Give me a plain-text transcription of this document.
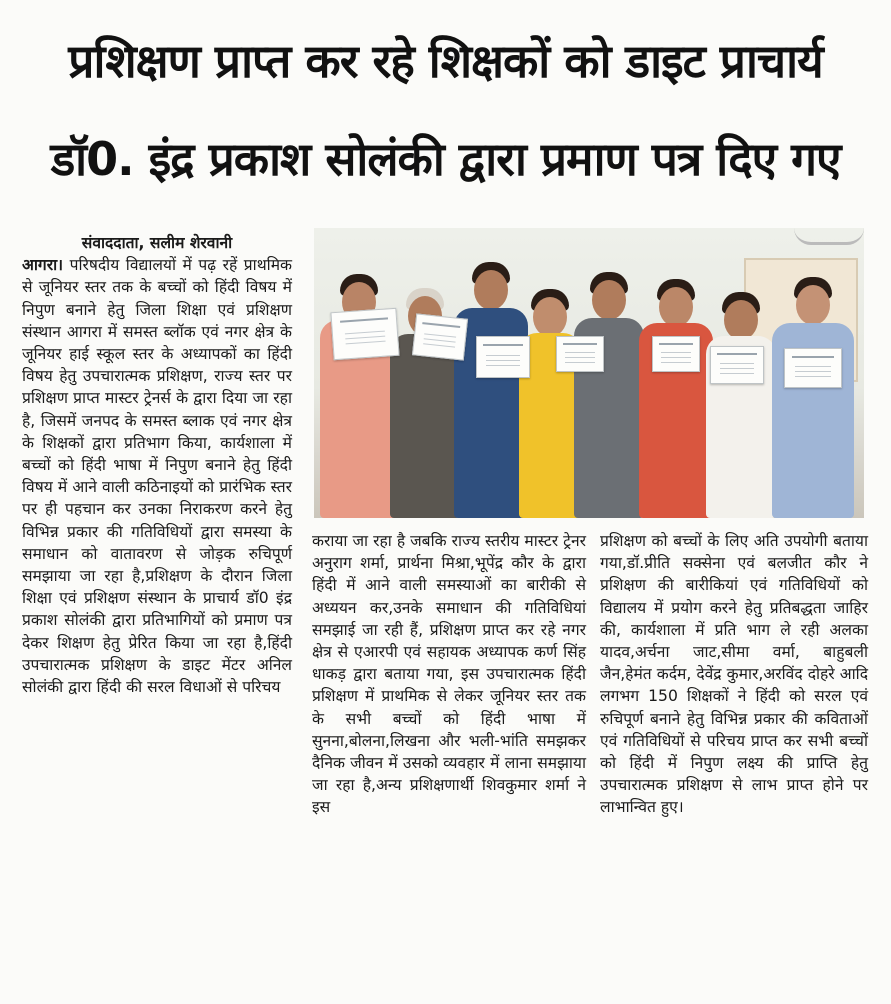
प्रशिक्षण प्राप्त कर रहे शिक्षकों को डाइट प्राचार्य
डॉ0. इंद्र प्रकाश सोलंकी द्वारा प्रमाण पत्र दिए गए
संवाददाता, सलीम शेरवानी

आगरा। परिषदीय विद्यालयों में पढ़ रहें प्राथमिक से जूनियर स्तर तक के बच्चों को हिंदी विषय में निपुण बनाने हेतु जिला शिक्षा एवं प्रशिक्षण संस्थान आगरा में समस्त ब्लॉक एवं नगर क्षेत्र के जूनियर हाई स्कूल स्तर के अध्यापकों का हिंदी विषय हेतु उपचारात्मक प्रशिक्षण, राज्य स्तर पर प्रशिक्षण प्राप्त मास्टर ट्रेनर्स के द्वारा दिया जा रहा है, जिसमें जनपद के समस्त ब्लाक एवं नगर क्षेत्र के शिक्षकों द्वारा प्रतिभाग किया, कार्यशाला में बच्चों को हिंदी भाषा में निपुण बनाने हेतु हिंदी विषय में आने वाली कठिनाइयों को प्रारंभिक स्तर पर ही पहचान कर उनका निराकरण करने हेतु विभिन्न प्रकार की गतिविधियों द्वारा समस्या के समाधान को वातावरण से जोड़क रुचिपूर्ण समझाया जा रहा है,प्रशिक्षण के दौरान जिला शिक्षा एवं प्रशिक्षण संस्थान के प्राचार्य डॉ0 इंद्र प्रकाश सोलंकी द्वारा प्रतिभागियों को प्रमाण पत्र देकर शिक्षण हेतु प्रेरित किया जा रहा है,हिंदी उपचारात्मक प्रशिक्षण के डाइट मेंटर अनिल सोलंकी द्वारा हिंदी की सरल विधाओं से परिचय

कराया जा रहा है जबकि राज्य स्तरीय मास्टर ट्रेनर अनुराग शर्मा, प्रार्थना मिश्रा,भूपेंद्र कौर के द्वारा हिंदी में आने वाली समस्याओं का बारीकी से अध्ययन कर,उनके समाधान की गतिविधियां समझाई जा रही हैं, प्रशिक्षण प्राप्त कर रहे नगर क्षेत्र से एआरपी एवं सहायक अध्यापक कर्ण सिंह धाकड़ द्वारा बताया गया, इस उपचारात्मक हिंदी प्रशिक्षण में प्राथमिक से लेकर जूनियर स्तर तक के सभी बच्चों को हिंदी भाषा में सुनना,बोलना,लिखना और भली-भांति समझकर दैनिक जीवन में उसको व्यवहार में लाना समझाया जा रहा है,अन्य प्रशिक्षणार्थी शिवकुमार शर्मा ने इस

प्रशिक्षण को बच्चों के लिए अति उपयोगी बताया गया,डॉ.प्रीति सक्सेना एवं बलजीत कौर ने प्रशिक्षण की बारीकियां एवं गतिविधियों को विद्यालय में प्रयोग करने हेतु प्रतिबद्धता जाहिर की, कार्यशाला में प्रति भाग ले रही अलका यादव,अर्चना जाट,सीमा वर्मा, बाहुबली जैन,हेमंत कर्दम, देवेंद्र कुमार,अरविंद दोहरे आदि लगभग 150 शिक्षकों ने हिंदी को सरल एवं रुचिपूर्ण बनाने हेतु विभिन्न प्रकार की कविताओं एवं गतिविधियों से परिचय प्राप्त कर सभी बच्चों को हिंदी में निपुण लक्ष्य की प्राप्ति हेतु उपचारात्मक प्रशिक्षण से लाभ प्राप्त होने पर लाभान्वित हुए।
